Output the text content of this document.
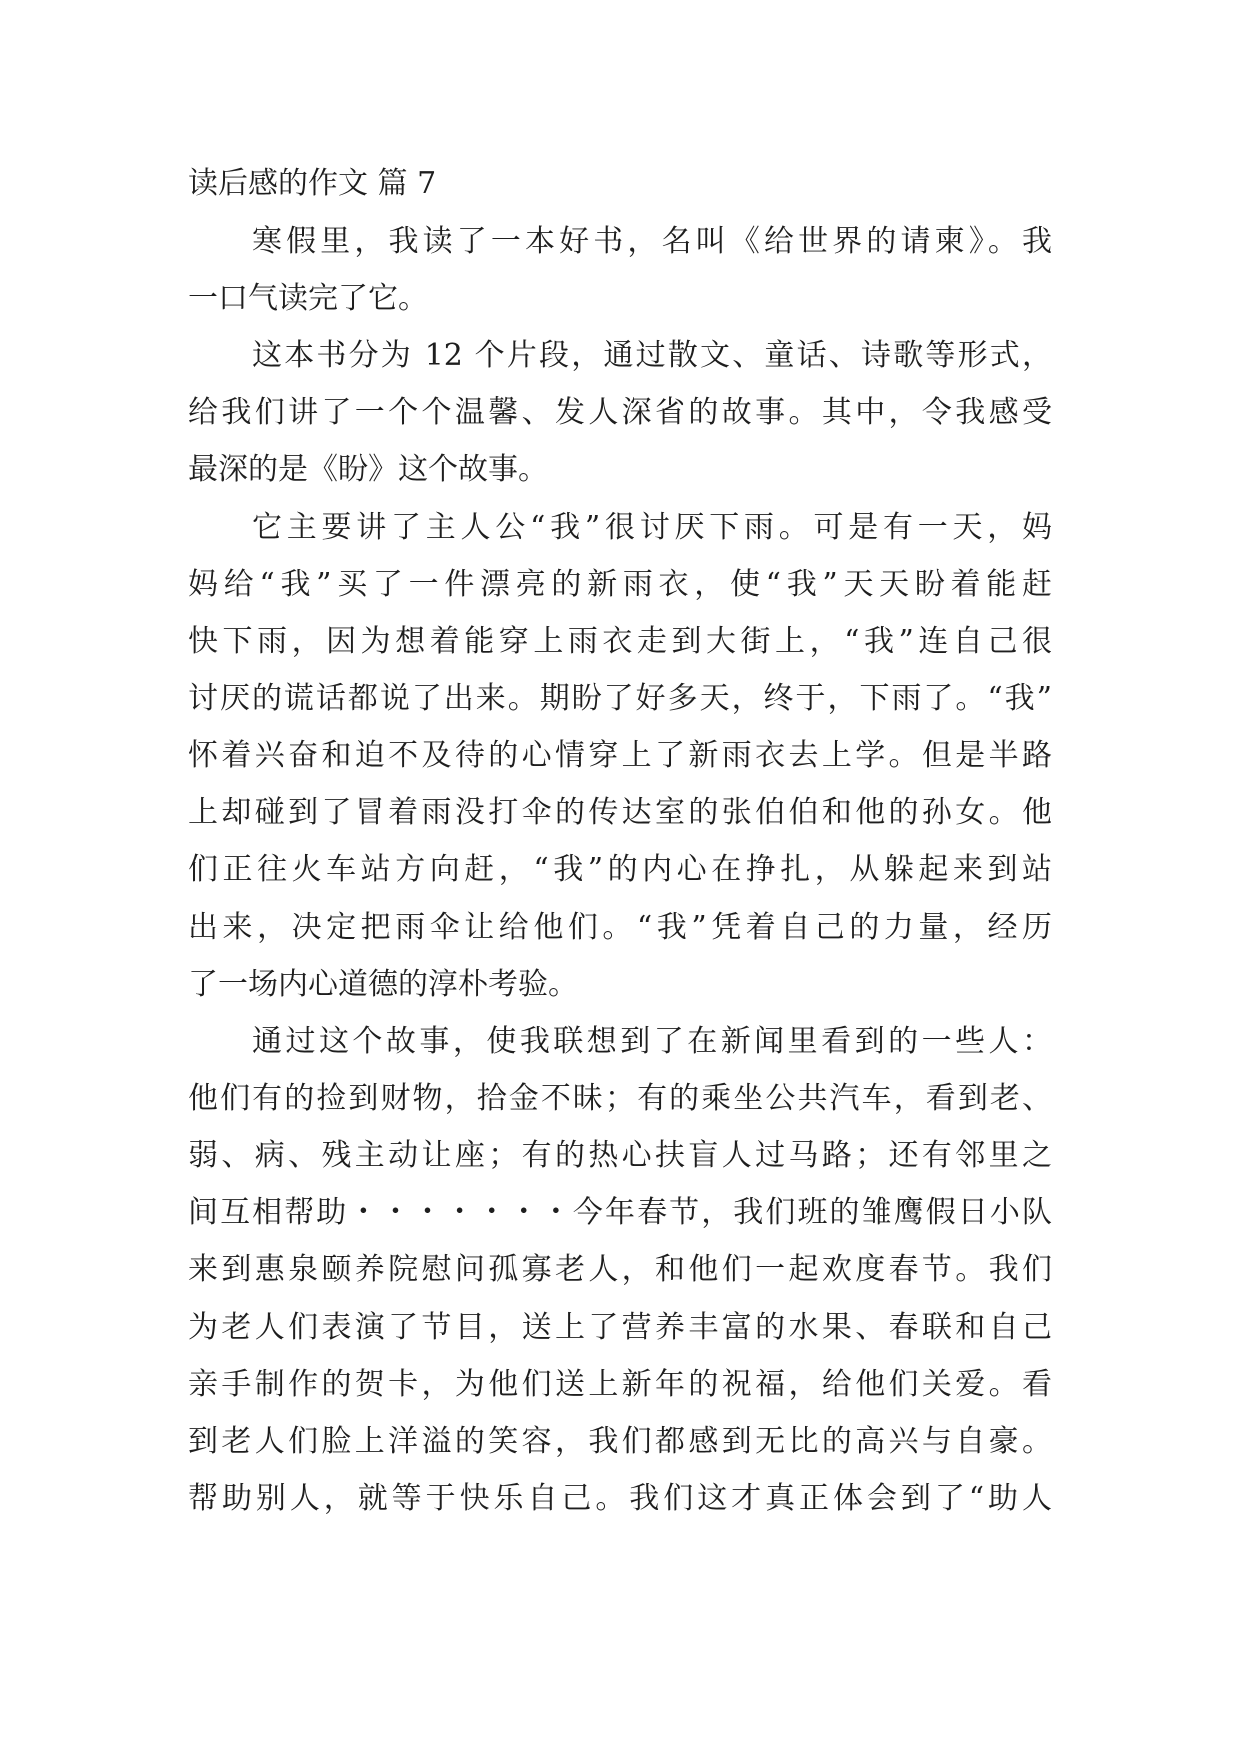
读后感的作文 篇 7
寒假里，我读了一本好书，名叫《给世界的请柬》。我
一口气读完了它。
这本书分为 12 个片段，通过散文、童话、诗歌等形式，
给我们讲了一个个温馨、发人深省的故事。其中，令我感受
最深的是《盼》这个故事。
它主要讲了主人公“我”很讨厌下雨。可是有一天，妈
妈给“我”买了一件漂亮的新雨衣，使“我”天天盼着能赶
快下雨，因为想着能穿上雨衣走到大街上，“我”连自己很
讨厌的谎话都说了出来。期盼了好多天，终于，下雨了。“我”
怀着兴奋和迫不及待的心情穿上了新雨衣去上学。但是半路
上却碰到了冒着雨没打伞的传达室的张伯伯和他的孙女。他
们正往火车站方向赶，“我”的内心在挣扎，从躲起来到站
出来，决定把雨伞让给他们。“我”凭着自己的力量，经历
了一场内心道德的淳朴考验。
通过这个故事，使我联想到了在新闻里看到的一些人：
他们有的捡到财物，拾金不昧；有的乘坐公共汽车，看到老、
弱、病、残主动让座；有的热心扶盲人过马路；还有邻里之
间互相帮助・・・・・・・今年春节，我们班的雏鹰假日小队
来到惠泉颐养院慰问孤寡老人，和他们一起欢度春节。我们
为老人们表演了节目，送上了营养丰富的水果、春联和自己
亲手制作的贺卡，为他们送上新年的祝福，给他们关爱。看
到老人们脸上洋溢的笑容，我们都感到无比的高兴与自豪。
帮助别人，就等于快乐自己。我们这才真正体会到了“助人
